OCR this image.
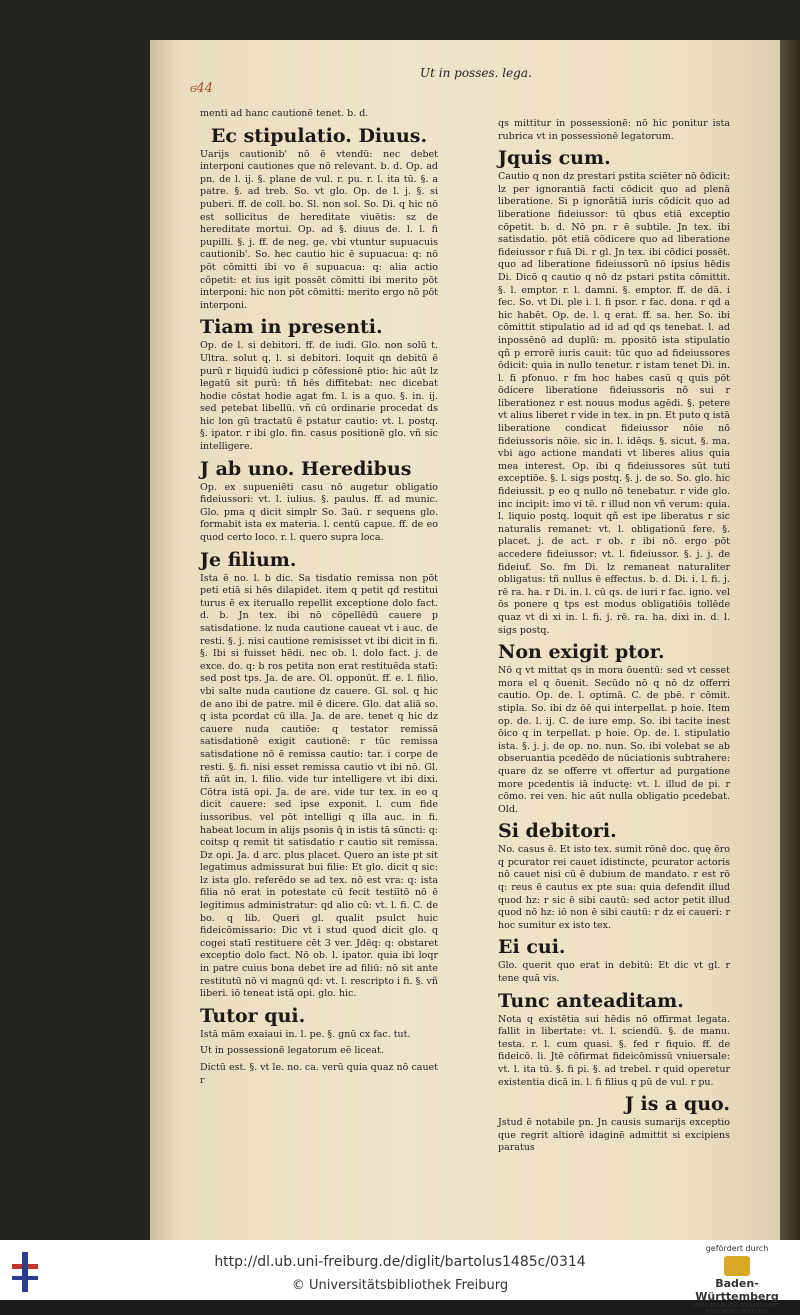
ϭ44
Ut in posses. lega.

menti ad hanc cautionē tenet. b. d.

Ec stipulatio. Diuus.

Uarijs cautionib' nō ē vtendū: nec debet interponi cautiones que nō relevant. b. d. Op. ad pn. de l. ij. §. plane de vul. r. pu. r. l. ita tū. §. a patre. §. ad treb. So. vt glo. Op. de l. j. §. si puberi. ff. de coll. bo. Sl. non sol. So. Di. q hic nō est sollicitus de hereditate viuētis: sz de hereditate mortui. Op. ad §. diuus de. l. l. fi pupilli. §. j. ff. de neg. ge. vbi vtuntur supuacuis cautionib'. So. hec cautio hic ē supuacua: q: nō pōt cōmitti ibi vo ē supuacua: q: alia actio cōpetit: et ius igit possēt cōmitti ibi merito pōt interponi: hic non pōt cōmitti: merito ergo nō pōt interponi.

Tiam in presenti.

Op. de l. si debitori. ff. de iudi. Glo. non solū t. Ultra. solut q. l. si debitori. loquit qn debitū ē purū r liquidū iudici p cōfessionē ptio: hic aūt lz legatū sit purū: tñ hēs diffitebat: nec dicebat hodie cōstat hodie agat fm. l. is a quo. §. in. ij. sed petebat libellū. vñ cū ordinarie procedat ds hic lon gū tractatū ē pstatur cautio: vt. l. postq. §. ipator. r ibi glo. fin. casus positionē glo. vñ sic intelligere.

J ab uno. Heredibus

Op. ex supueniēti casu nō augetur obligatio fideiussori: vt. l. iulius. §. paulus. ff. ad munic. Glo. pma q dicit simplr So. 3aū. r sequens glo. formabit ista ex materia. l. centū capue. ff. de eo quod certo loco. r. l. quero supra loca.

Je filium.

Ista ē no. l. b dic. Sa tisdatio remissa non pōt peti etiā si hēs dilapidet. item q petit qd restitui turus ē ex iteruallo repellit exceptione dolo fact. d. b. Jn tex. ibi nō cōpellēdū cauere p satisdatione. lz nuda cautione caueat vt i auc. de resti. §. j. nisi cautione remisisset vt ibi dicit in fi. §. Ibi si fuisset hēdi. nec ob. l. dolo fact. j. de exce. do. q: b ros petita non erat restituēda statī: sed post tps. Ja. de are. Ol. opponūt. ff. e. l. filio. vbi salte nuda cautione dz cauere. Gl. sol. q hic de ano ibi de patre. mil ē dicere. Glo. dat aliā so. q ista pcordat cū illa. Ja. de are. tenet q hic dz cauere nuda cautiōe: q testator remissā satisdationē exigit cautionē: r tūc remissa satisdatione nō ē remissa cautio: tar. i corpe de resti. §. fi. nisi esset remissa cautio vt ibi nō. Gl. tñ aūt in. l. filio. vide tur intelligere vt ibi dixi. Cōtra istā opi. Ja. de are. vide tur tex. in eo q dicit cauere: sed ipse exponit. l. cum fide iussoribus. vel pōt intelligi q illa auc. in fi. habeat locum in alijs psonis q̄ in istis tā sūncti: q: coitsp q remit tit satisdatio r cautio sit remissa. Dz opi. Ja. d arc. plus placet. Quero an iste pt sit legatimus admissurat bui filie: Et glo. dicit q sic: lz ista glo. referēdo se ad tex. nō est vra: q: ista filia nō erat in potestate cū fecit testiītō nō ē legitimus administratur: qd alio cū: vt. l. fi. C. de bo. q lib. Queri gl. qualit psulct huic fideicōmissario: Dic vt i stud quod dicit glo. q cogei statī restituere cēt 3 ver. Jdēq: q: obstaret exceptio dolo fact. Nō ob. l. ipator. quia ibi loqr in patre cuius bona debet ire ad filiū: nō sit ante restitutū nō vi magnū qd: vt. l. rescripto i fi. §. vñ liberi. iō teneat istā opi. glo. hic.

Tutor qui.

Istā mām exaiaui in. l. pe. §. gnū cx fac. tut.

Ut in possessionē legatorum eē liceat.

Dictū est. §. vt le. no. ca. verū quia quaz nō cauet r

qs mittitur in possessionē: nō hic ponitur ista rubrica vt in possessionē legatorum.

Jquis cum.

Cautio q non dz prestari pstita sciēter nō ōdicit: lz per ignorantiā facti cōdicit quo ad plenā liberatione. Si p ignorātiā iuris cōdicit quo ad liberatione fideiussor: tū qbus etiā exceptio cōpetit. b. d. Nō pn. r ē subtile. Jn tex. ibi satisdatio. pōt etiā cōdicere quo ad liberatione fideiussor r fuā Di. r gl. Jn tex. ibi cōdici possēt. quo ad liberatione fideiussorū nō ipsius hēdis Di. Dicō q cautio q nō dz pstari pstita cōmittit. §. l. emptor. r. l. damni. §. emptor. ff. de dā. i fec. So. vt Di. ple i. l. fi psor. r fac. dona. r qd a hic habēt. Op. de. l. q erat. ff. sa. her. So. ibi cōmittit stipulatio ad id ad qd qs tenebat. l. ad inpossēnō ad duplū: m. ppositō ista stipulatio qñ p errorē iuris cauit: tūc quo ad fideiussores ōdicit: quia in nullo tenetur. r istam tenet Di. in. l. fi pfonuo. r fm hoc habes casū q quis pōt ōdicere liberatione fideiussoris nō sui r liberationez r est nouus modus agēdi. §. petere vt alius liberet r vide in tex. in pn. Et puto q istā liberatione condicat fideiussor nōie nō fideiussoris nōie. sic in. l. idēqs. §. sicut. §. ma. vbi ago actione mandati vt liberes alius quia mea interest. Op. ibi q fideiussores sūt tuti exceptiōe. §. l. sigs postq. §. j. de so. So. glo. hic fideiussit. p eo q nullo nō tenebatur. r vide glo. inc incipit: imo vi tē. r illud non vñ verum: quia. l. liquio postq. loquit qñ est ipe liberatus r sic naturalis remanet: vt. l. obligationū fere. §. placet. j. de act. r ob. r ibi nō. ergo pōt accedere fideiussor: vt. l. fideiussor. §. j. j. de fideiuf. So. fm Di. lz remaneat naturaliter obligatus: tñ nullus ē effectus. b. d. Di. i. l. fi. j. rē ra. ha. r Di. in. l. cū qs. de iuri r fac. igno. vel ōs ponere q tps est modus obligatiōis tollēde quaz vt di xi in. l. fi. j. rē. ra. ha. dixi in. d. l. sigs postq.

Non exigit ptor.

Nō q vt mittat qs in mora ōuentū: sed vt cesset mora el q ōuenit. Secūdo nō q nō dz offerri cautio. Op. de. l. optimā. C. de pbē. r cōmit. stipla. So. ibi dz ōē qui interpellat. p hoie. Item op. de. l. ij. C. de iure emp. So. ibi tacite inest ōico q in terpellat. p hoie. Op. de. l. stipulatio ista. §. j. j. de op. no. nun. So. ibi volebat se ab obseruantia pcedēdo de nūciationis subtrahere: quare dz se offerre vt offertur ad purgatione more pcedentis iā inductę: vt. l. illud de pi. r cōmo. rei ven. hic aūt nulla obligatio pcedebat. Old.

Si debitori.

No. casus ē. Et isto tex. sumit rōnē doc. quę ēro q pcurator rei cauet idistincte, pcurator actoris nō cauet nisi cū ē dubium de mandato. r est rō q: reus ē cautus ex pte sua: quia defendit illud quod hz: r sic ē sibi cautū: sed actor petit illud quod nō hz: iō non ē sibi cautū: r dz ei caueri: r hoc sumitur ex isto tex.

Ei cui.

Glo. querit quo erat in debitū: Et dic vt gl. r tene quā vis.

Tunc anteaditam.

Nota q existētia sui hēdis nō offirmat legata. fallit in libertate: vt. l. sciendū. §. de manu. testa. r. l. cum quasi. §. fed r fiquio. ff. de fideicō. li. Jtē cōfirmat fideicōmissū vniuersale: vt. l. ita tū. §. fi pi. §. ad trebel. r quid operetur existentia dicā in. l. fi filius q pū de vul. r pu.

J is a quo.

Jstud ē notabile pn. Jn causis sumarijs exceptio que regrit altiorē idaginē admittit si excipiens paratus

http://dl.ub.uni-freiburg.de/diglit/bartolus1485c/0314
© Universitätsbibliothek Freiburg
gefördert durch
Baden-Württemberg
MINISTERIUM FÜR WISSENSCHAFT, FORSCHUNG UND KUNST
